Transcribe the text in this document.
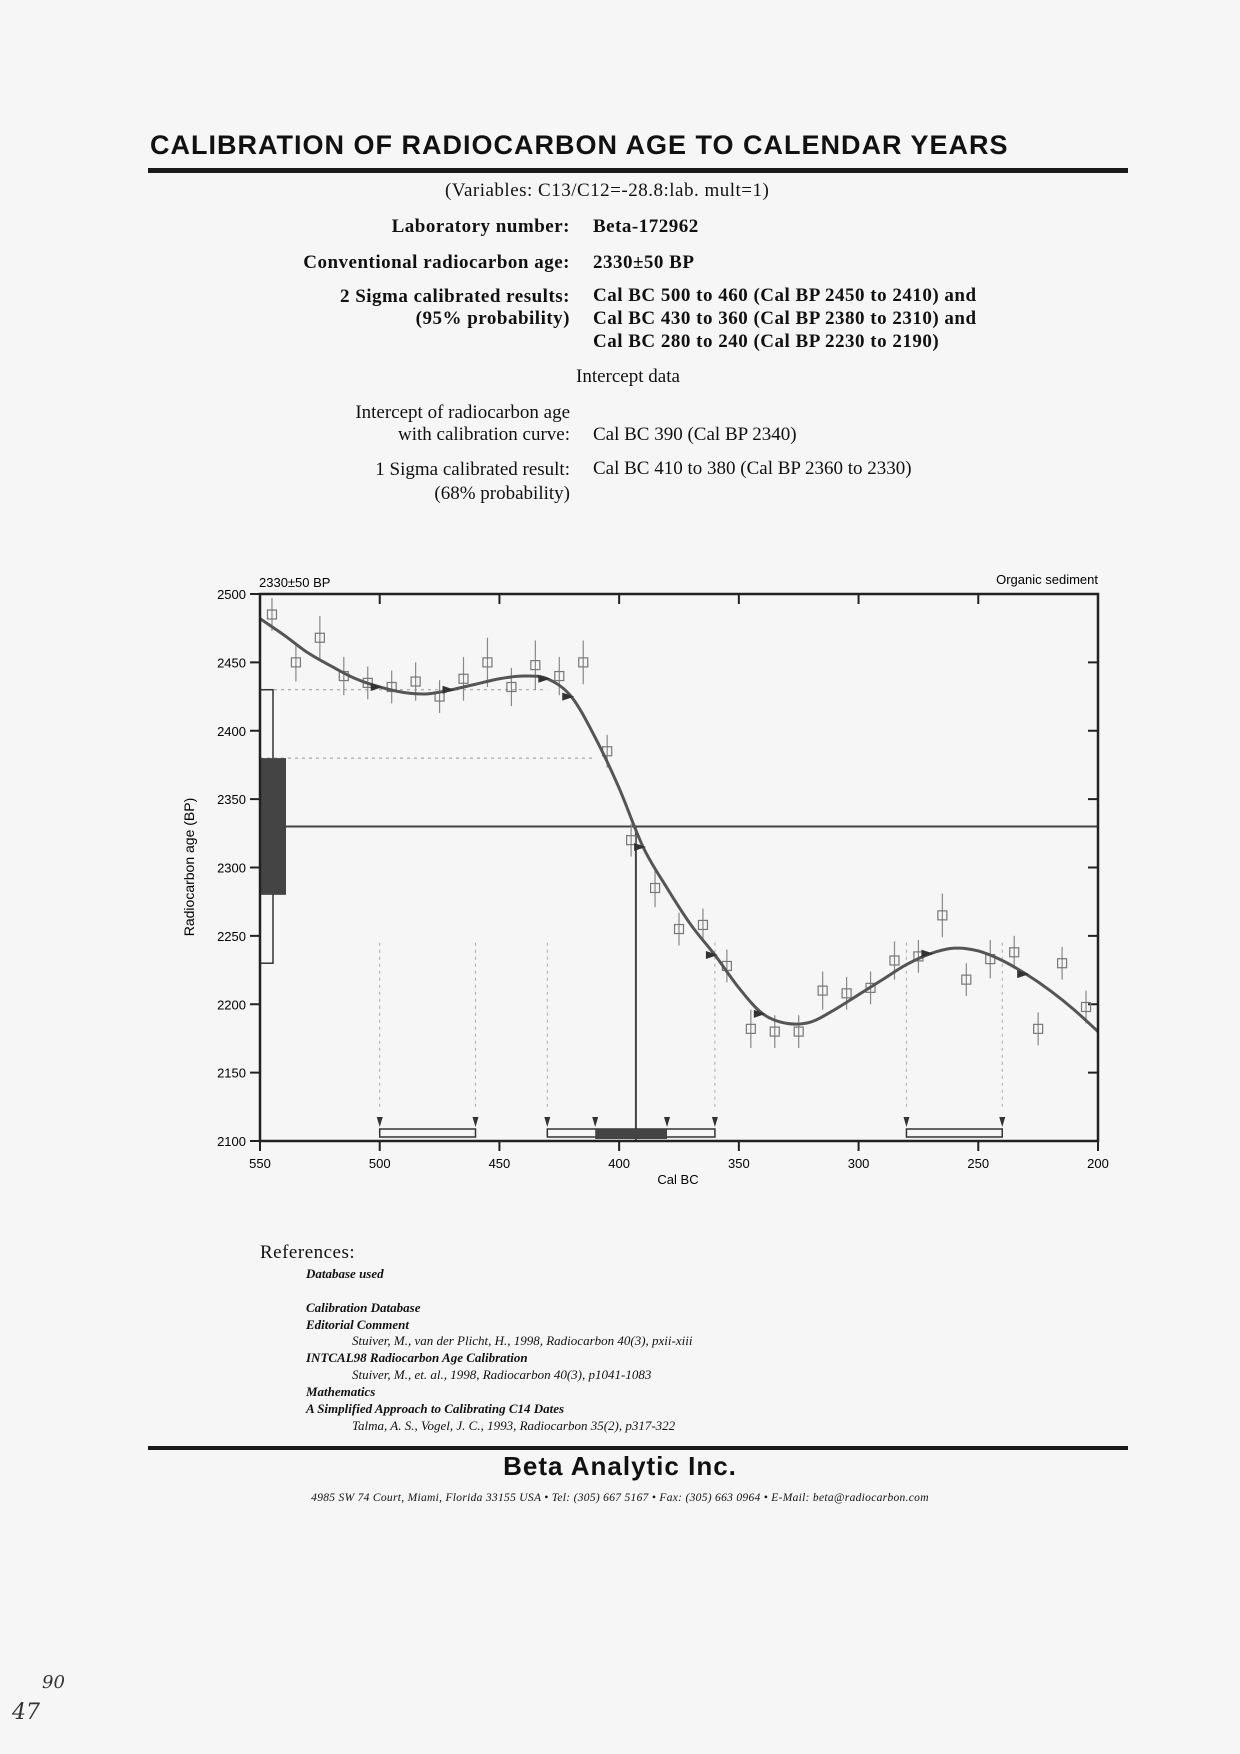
CALIBRATION OF RADIOCARBON AGE TO CALENDAR YEARS
(Variables: C13/C12=-28.8:lab. mult=1)
Laboratory number: Beta-172962
Conventional radiocarbon age: 2330±50 BP
2 Sigma calibrated results:
(95% probability)
Cal BC 500 to 460 (Cal BP 2450 to 2410) and
Cal BC 430 to 360 (Cal BP 2380 to 2310) and
Cal BC 280 to 240 (Cal BP 2230 to 2190)
Intercept data
Intercept of radiocarbon age
with calibration curve: Cal BC 390 (Cal BP 2340)
1 Sigma calibrated result:
(68% probability)
Cal BC 410 to 380 (Cal BP 2360 to 2330)
550	500	450	400	350	300	250	200
2500
2450
2400
2350
2300
2250
2200
2150
2100
2330±50 BP	Organic sediment
Cal BC
Radiocarbon age (BP)
References:
Database used
Calibration Database
Editorial Comment
Stuiver, M., van der Plicht, H., 1998, Radiocarbon 40(3), pxii-xiii
INTCAL98 Radiocarbon Age Calibration
Stuiver, M., et. al., 1998, Radiocarbon 40(3), p1041-1083
Mathematics
A Simplified Approach to Calibrating C14 Dates
Talma, A. S., Vogel, J. C., 1993, Radiocarbon 35(2), p317-322
Beta Analytic Inc.
4985 SW 74 Court, Miami, Florida 33155 USA • Tel: (305) 667 5167 • Fax: (305) 663 0964 • E-Mail: beta@radiocarbon.com
90
47
